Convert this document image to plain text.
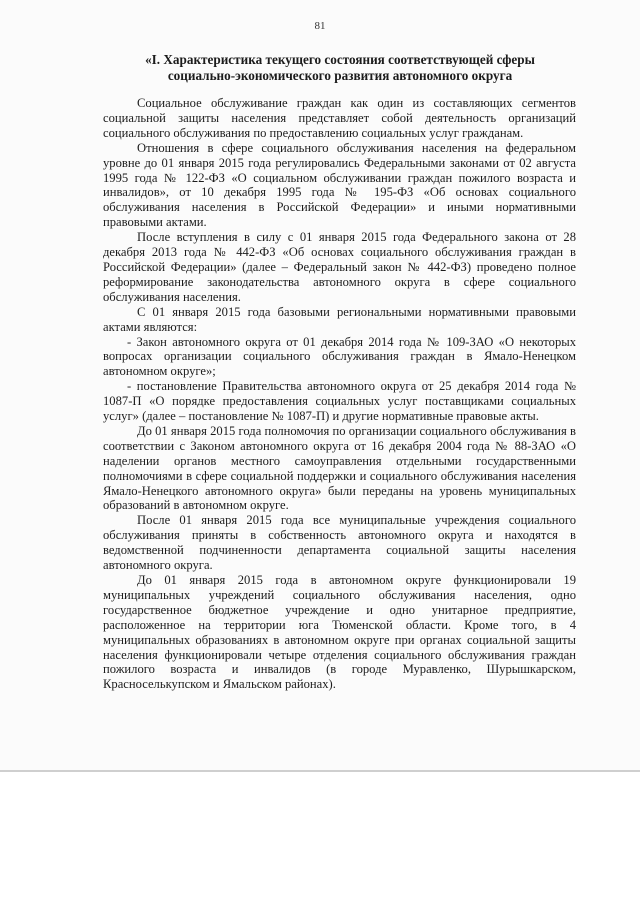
81
«I. Характеристика текущего состояния соответствующей сферы
социально-экономического развития автономного округа

Социальное обслуживание граждан как один из составляющих сегментов социальной защиты населения представляет собой деятельность организаций социального обслуживания по предоставлению социальных услуг гражданам.

Отношения в сфере социального обслуживания населения на федеральном уровне до 01 января 2015 года регулировались Федеральными законами от 02 августа 1995 года № 122-ФЗ «О социальном обслуживании граждан пожилого возраста и инвалидов», от 10 декабря 1995 года № 195-ФЗ «Об основах социального обслуживания населения в Российской Федерации» и иными нормативными правовыми актами.

После вступления в силу с 01 января 2015 года Федерального закона от 28 декабря 2013 года № 442-ФЗ «Об основах социального обслуживания граждан в Российской Федерации» (далее – Федеральный закон № 442-ФЗ) проведено полное реформирование законодательства автономного округа в сфере социального обслуживания населения.

С 01 января 2015 года базовыми региональными нормативными правовыми актами являются:

- Закон автономного округа от 01 декабря 2014 года № 109-ЗАО «О некоторых вопросах организации социального обслуживания граждан в Ямало-Ненецком автономном округе»;

- постановление Правительства автономного округа от 25 декабря 2014 года № 1087-П «О порядке предоставления социальных услуг поставщиками социальных услуг» (далее – постановление № 1087-П) и другие нормативные правовые акты.

До 01 января 2015 года полномочия по организации социального обслуживания в соответствии с Законом автономного округа от 16 декабря 2004 года № 88-ЗАО «О наделении органов местного самоуправления отдельными государственными полномочиями в сфере социальной поддержки и социального обслуживания населения Ямало-Ненецкого автономного округа» были переданы на уровень муниципальных образований в автономном округе.

После 01 января 2015 года все муниципальные учреждения социального обслуживания приняты в собственность автономного округа и находятся в ведомственной подчиненности департамента социальной защиты населения автономного округа.

До 01 января 2015 года в автономном округе функционировали 19 муниципальных учреждений социального обслуживания населения, одно государственное бюджетное учреждение и одно унитарное предприятие, расположенное на территории юга Тюменской области. Кроме того, в 4 муниципальных образованиях в автономном округе при органах социальной защиты населения функционировали четыре отделения социального обслуживания граждан пожилого возраста и инвалидов (в городе Муравленко, Шурышкарском, Красноселькупском и Ямальском районах).
